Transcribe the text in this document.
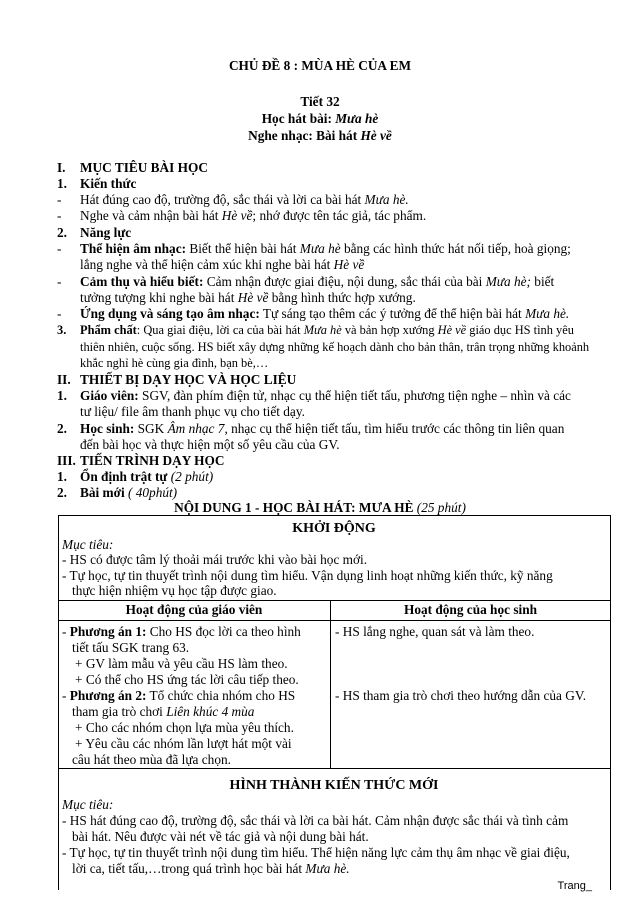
CHỦ ĐỀ 8 : MÙA HÈ CỦA EM
Tiết 32
Học hát bài: Mưa hè
Nghe nhạc: Bài hát Hè về
I. MỤC TIÊU BÀI HỌC
1. Kiến thức
- Hát đúng cao độ, trường độ, sắc thái và lời ca bài hát Mưa hè.
- Nghe và cảm nhận bài hát Hè về; nhớ được tên tác giả, tác phẩm.
2. Năng lực
- Thể hiện âm nhạc: Biết thể hiện bài hát Mưa hè bằng các hình thức hát nối tiếp, hoà giọng;
lắng nghe và thể hiện cảm xúc khi nghe bài hát Hè về
- Cảm thụ và hiểu biết: Cảm nhận được giai điệu, nội dung, sắc thái của bài Mưa hè; biết
tưởng tượng khi nghe bài hát Hè về bằng hình thức hợp xướng.
- Ứng dụng và sáng tạo âm nhạc: Tự sáng tạo thêm các ý tưởng để thể hiện bài hát Mưa hè.
3. Phẩm chất: Qua giai điệu, lời ca của bài hát Mưa hè và bản hợp xướng Hè về giáo dục HS tình yêu
thiên nhiên, cuộc sống. HS biết xây dựng những kế hoạch dành cho bản thân, trân trọng những khoảnh
khắc nghỉ hè cùng gia đình, bạn bè,…
II. THIẾT BỊ DẠY HỌC VÀ HỌC LIỆU
1. Giáo viên: SGV, đàn phím điện tử, nhạc cụ thể hiện tiết tấu, phương tiện nghe – nhìn và các
tư liệu/ file âm thanh phục vụ cho tiết dạy.
2. Học sinh: SGK Âm nhạc 7, nhạc cụ thể hiện tiết tấu, tìm hiểu trước các thông tin liên quan
đến bài học và thực hiện một số yêu cầu của GV.
III. TIẾN TRÌNH DẠY HỌC
1. Ổn định trật tự (2 phút)
2. Bài mới ( 40phút)
NỘI DUNG 1 - HỌC BÀI HÁT: MƯA HÈ (25 phút)
KHỞI ĐỘNG
Mục tiêu:
- HS có được tâm lý thoải mái trước khi vào bài học mới.
- Tự học, tự tin thuyết trình nội dung tìm hiểu. Vận dụng linh hoạt những kiến thức, kỹ năng
thực hiện nhiệm vụ học tập được giao.
Hoạt động của giáo viên	Hoạt động của học sinh
- Phương án 1: Cho HS đọc lời ca theo hình
tiết tấu SGK trang 63.
+ GV làm mẫu và yêu cầu HS làm theo.
+ Có thể cho HS ứng tác lời câu tiếp theo.
- Phương án 2: Tổ chức chia nhóm cho HS
tham gia trò chơi Liên khúc 4 mùa
+ Cho các nhóm chọn lựa mùa yêu thích.
+ Yêu cầu các nhóm lần lượt hát một vài
câu hát theo mùa đã lựa chọn.
- HS lắng nghe, quan sát và làm theo.
- HS tham gia trò chơi theo hướng dẫn của GV.
HÌNH THÀNH KIẾN THỨC MỚI
Mục tiêu:
- HS hát đúng cao độ, trường độ, sắc thái và lời ca bài hát. Cảm nhận được sắc thái và tình cảm
bài hát. Nêu được vài nét về tác giả và nội dung bài hát.
- Tự học, tự tin thuyết trình nội dung tìm hiểu. Thể hiện năng lực cảm thụ âm nhạc về giai điệu,
lời ca, tiết tấu,…trong quá trình học bài hát Mưa hè.
Trang_
